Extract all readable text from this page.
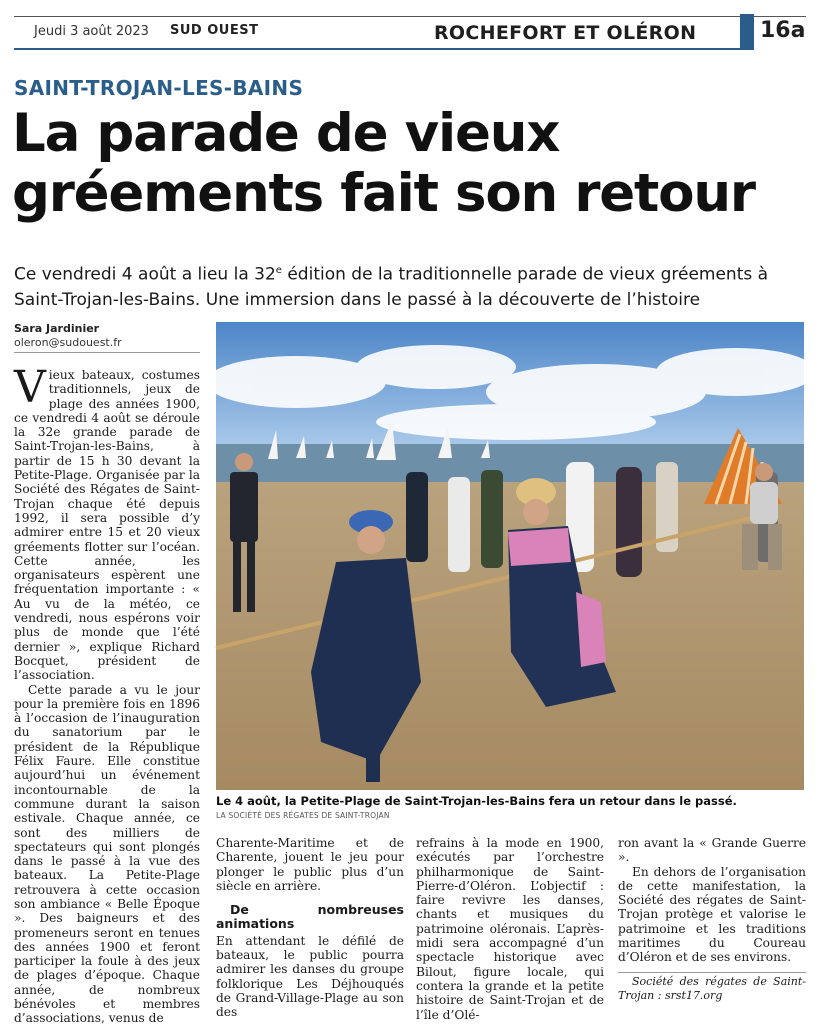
Jeudi 3 août 2023 SUD OUEST	ROCHEFORT ET OLÉRON	16a
SAINT-TROJAN-LES-BAINS
La parade de vieux
gréements fait son retour

Ce vendredi 4 août a lieu la 32e édition de la traditionnelle parade de vieux gréements à Saint-Trojan-les-Bains. Une immersion dans le passé à la découverte de l’histoire

Sara Jardinier
oleron@sudouest.fr

Vieux bateaux, costumes traditionnels, jeux de plage des années 1900, ce vendredi 4 août se déroule la 32e grande parade de Saint-Trojan-les-Bains, à partir de 15 h 30 devant la Petite-Plage. Organisée par la Société des Régates de Saint-Trojan chaque été depuis 1992, il sera possible d’y admirer entre 15 et 20 vieux gréements flotter sur l’océan. Cette année, les organisateurs espèrent une fréquentation importante : « Au vu de la météo, ce vendredi, nous espérons voir plus de monde que l’été dernier », explique Richard Bocquet, président de l’association.

Cette parade a vu le jour pour la première fois en 1896 à l’occasion de l’inauguration du sanatorium par le président de la République Félix Faure. Elle constitue aujourd’hui un événement incontournable de la commune durant la saison estivale. Chaque année, ce sont des milliers de spectateurs qui sont plongés dans le passé à la vue des bateaux. La Petite-Plage retrouvera à cette occasion son ambiance « Belle Époque ». Des baigneurs et des promeneurs seront en tenues des années 1900 et feront participer la foule à des jeux de plages d’époque. Chaque année, de nombreux bénévoles et membres d’associations, venus de

Le 4 août, la Petite-Plage de Saint-Trojan-les-Bains fera un retour dans le passé.
LA SOCIÉTÉ DES RÉGATES DE SAINT-TROJAN

Charente-Maritime et de Charente, jouent le jeu pour plonger le public plus d’un siècle en arrière.

De nombreuses animations

En attendant le défilé de bateaux, le public pourra admirer les danses du groupe folklorique Les Déjhouqués de Grand-Village-Plage au son des

refrains à la mode en 1900, exécutés par l’orchestre philharmonique de Saint-Pierre-d’Oléron. L’objectif : faire revivre les danses, chants et musiques du patrimoine oléronais. L’après-midi sera accompagné d’un spectacle historique avec Bilout, figure locale, qui contera la grande et la petite histoire de Saint-Trojan et de l’île d’Olé-

ron avant la « Grande Guerre ».

En dehors de l’organisation de cette manifestation, la Société des régates de Saint-Trojan protège et valorise le patrimoine et les traditions maritimes du Coureau d’Oléron et de ses environs.

Société des régates de Saint-Trojan : srst17.org
